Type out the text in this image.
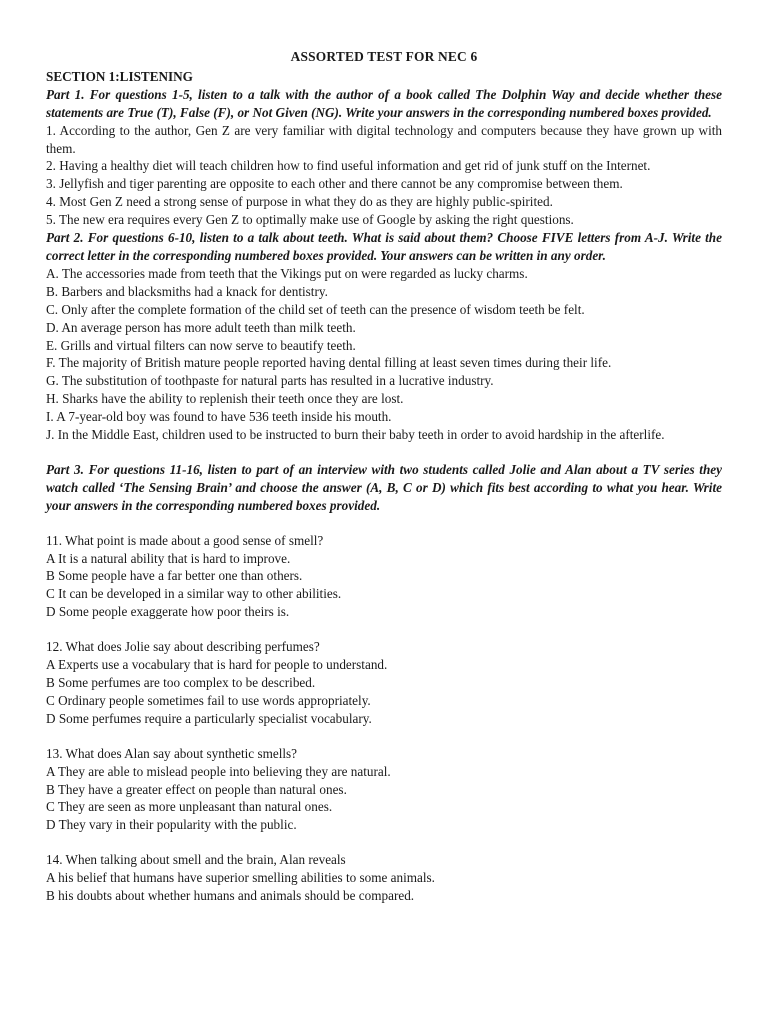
ASSORTED TEST FOR NEC 6

SECTION 1:LISTENING

Part 1. For questions 1-5, listen to a talk with the author of a book called The Dolphin Way and decide whether these statements are True (T), False (F), or Not Given (NG). Write your answers in the corresponding numbered boxes provided.

1. According to the author, Gen Z are very familiar with digital technology and computers because they have grown up with them.

2. Having a healthy diet will teach children how to find useful information and get rid of junk stuff on the Internet.

3. Jellyfish and tiger parenting are opposite to each other and there cannot be any compromise between them.

4. Most Gen Z need a strong sense of purpose in what they do as they are highly public-spirited.

5. The new era requires every Gen Z to optimally make use of Google by asking the right questions.

Part 2. For questions 6-10, listen to a talk about teeth. What is said about them? Choose FIVE letters from A-J. Write the correct letter in the corresponding numbered boxes provided. Your answers can be written in any order.

A. The accessories made from teeth that the Vikings put on were regarded as lucky charms.

B. Barbers and blacksmiths had a knack for dentistry.

C. Only after the complete formation of the child set of teeth can the presence of wisdom teeth be felt.

D. An average person has more adult teeth than milk teeth.

E. Grills and virtual filters can now serve to beautify teeth.

F. The majority of British mature people reported having dental filling at least seven times during their life.

G. The substitution of toothpaste for natural parts has resulted in a lucrative industry.

H. Sharks have the ability to replenish their teeth once they are lost.

I. A 7-year-old boy was found to have 536 teeth inside his mouth.

J. In the Middle East, children used to be instructed to burn their baby teeth in order to avoid hardship in the afterlife.

Part 3. For questions 11-16, listen to part of an interview with two students called Jolie and Alan about a TV series they watch called ‘The Sensing Brain’ and choose the answer (A, B, C or D) which fits best according to what you hear. Write your answers in the corresponding numbered boxes provided.

11. What point is made about a good sense of smell?

A It is a natural ability that is hard to improve.

B Some people have a far better one than others.

C It can be developed in a similar way to other abilities.

D Some people exaggerate how poor theirs is.

12. What does Jolie say about describing perfumes?

A Experts use a vocabulary that is hard for people to understand.

B Some perfumes are too complex to be described.

C Ordinary people sometimes fail to use words appropriately.

D Some perfumes require a particularly specialist vocabulary.

13. What does Alan say about synthetic smells?

A They are able to mislead people into believing they are natural.

B They have a greater effect on people than natural ones.

C They are seen as more unpleasant than natural ones.

D They vary in their popularity with the public.

14. When talking about smell and the brain, Alan reveals

A his belief that humans have superior smelling abilities to some animals.

B his doubts about whether humans and animals should be compared.
